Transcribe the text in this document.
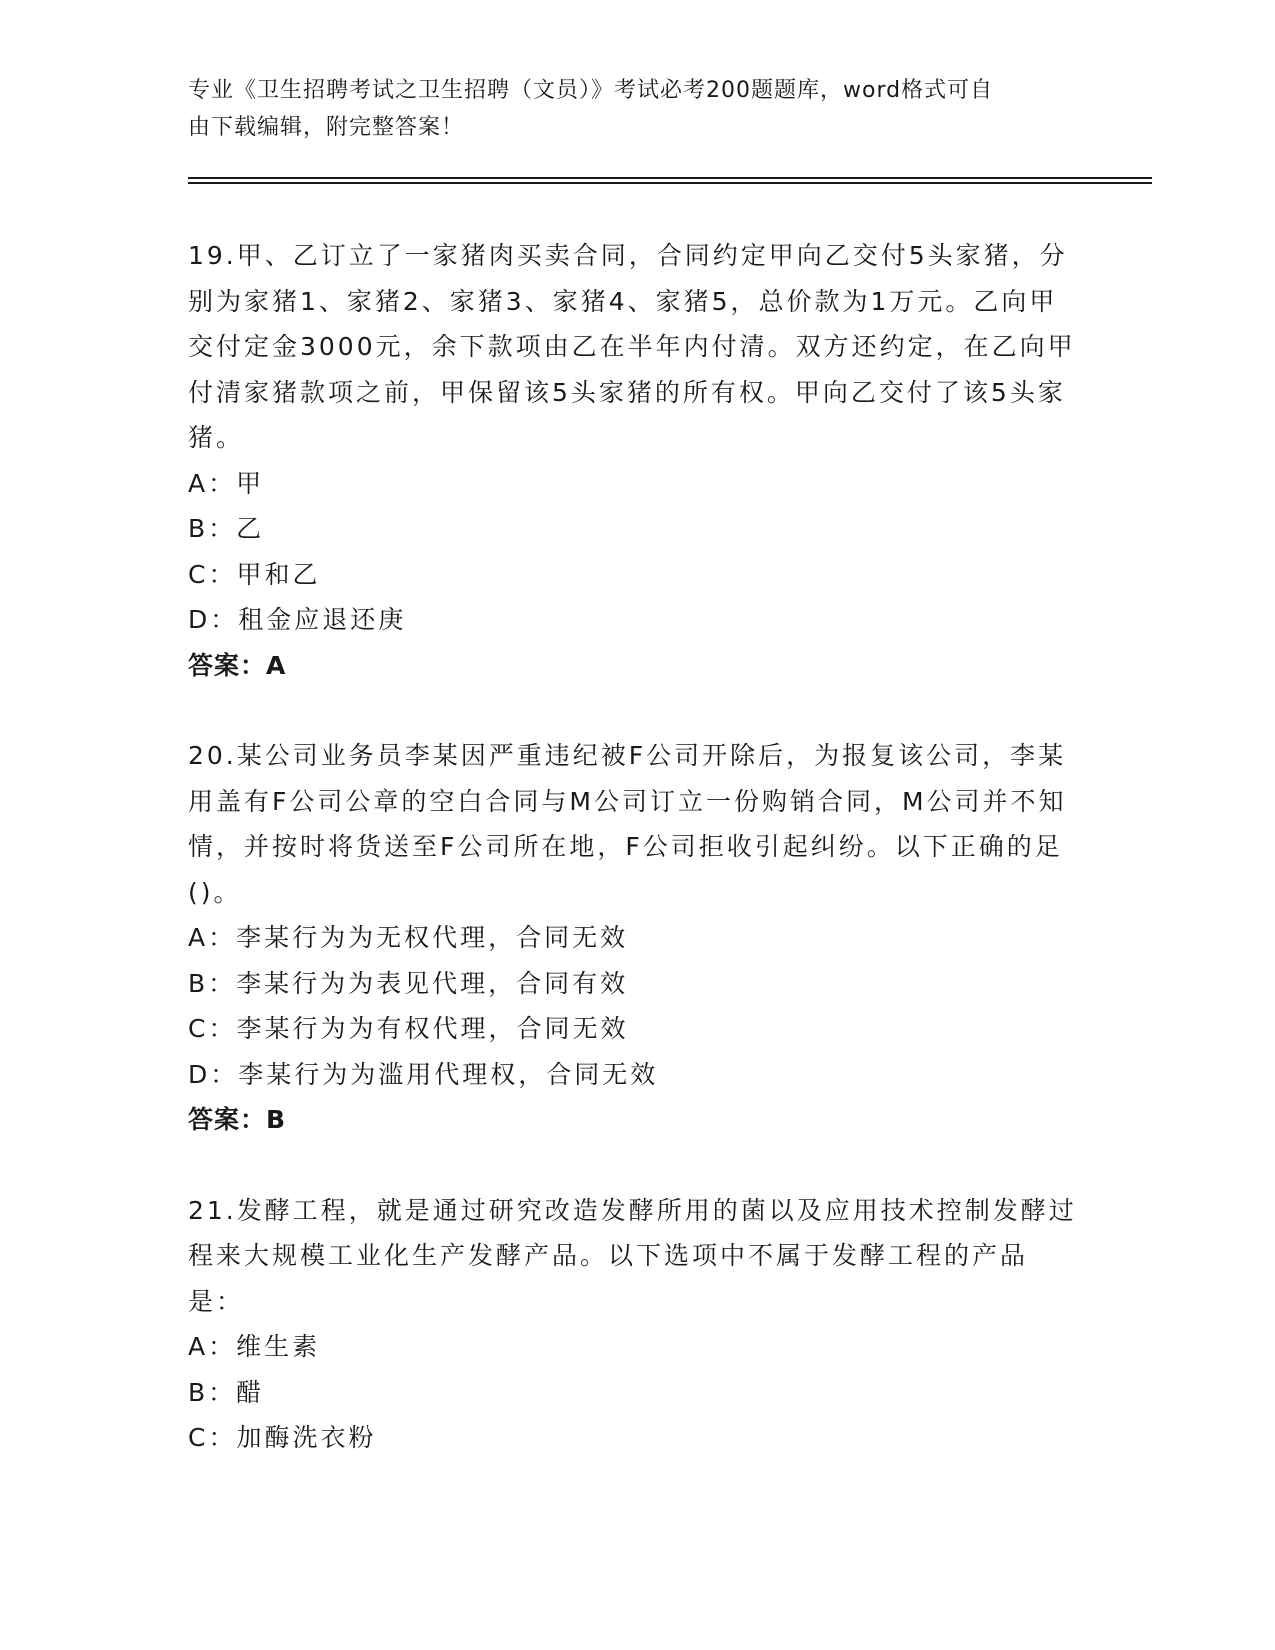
专业《卫生招聘考试之卫生招聘（文员）》考试必考200题题库，word格式可自
由下载编辑，附完整答案！
19.甲、乙订立了一家猪肉买卖合同，合同约定甲向乙交付5头家猪，分别为家猪1、家猪2、家猪3、家猪4、家猪5，总价款为1万元。乙向甲交付定金3000元，余下款项由乙在半年内付清。双方还约定，在乙向甲付清家猪款项之前，甲保留该5头家猪的所有权。甲向乙交付了该5头家猪。
A：甲
B：乙
C：甲和乙
D：租金应退还庚
答案：A
20.某公司业务员李某因严重违纪被F公司开除后，为报复该公司，李某用盖有F公司公章的空白合同与M公司订立一份购销合同，M公司并不知情，并按时将货送至F公司所在地，F公司拒收引起纠纷。以下正确的足()。
A：李某行为为无权代理，合同无效
B：李某行为为表见代理，合同有效
C：李某行为为有权代理，合同无效
D：李某行为为滥用代理权，合同无效
答案：B
21.发酵工程，就是通过研究改造发酵所用的菌以及应用技术控制发酵过程来大规模工业化生产发酵产品。以下选项中不属于发酵工程的产品是：
A：维生素
B：醋
C：加酶洗衣粉
